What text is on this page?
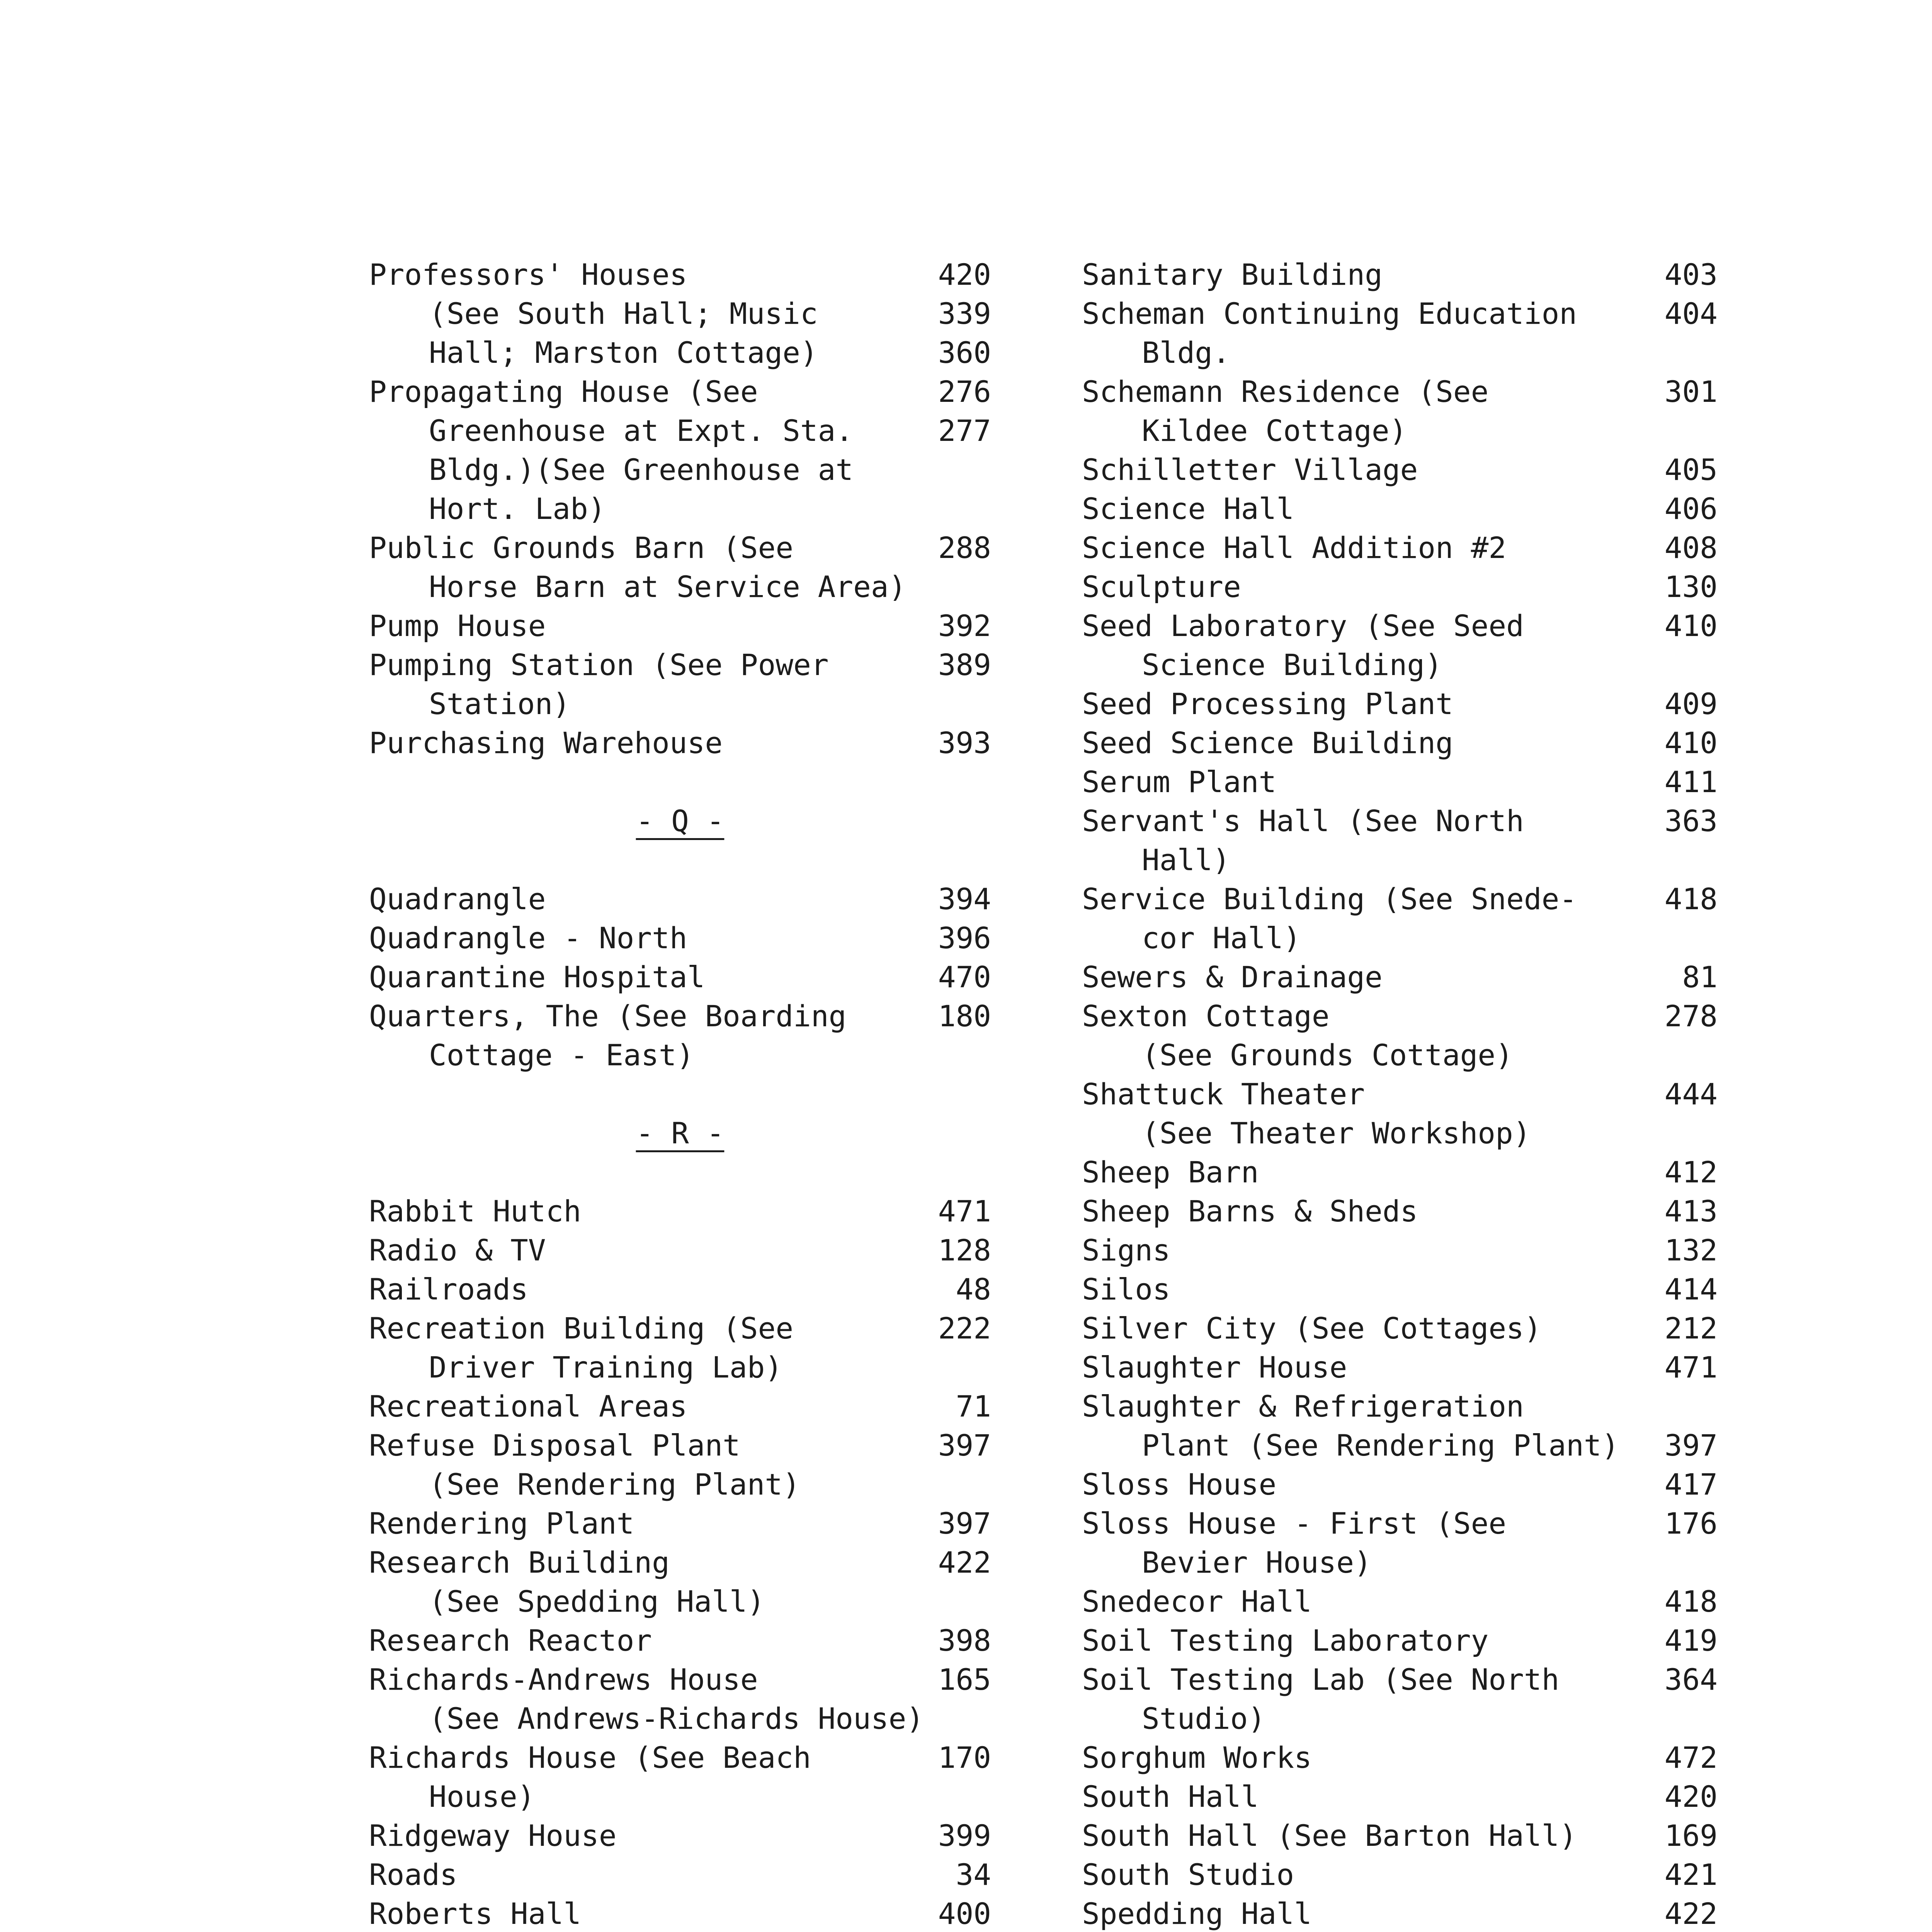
Professors' Houses	420
(See South Hall; Music	339
Hall; Marston Cottage)	360
Propagating House (See	276
Greenhouse at Expt. Sta.	277
Bldg.)(See Greenhouse at
Hort. Lab)
Public Grounds Barn (See	288
Horse Barn at Service Area)
Pump House	392
Pumping Station (See Power	389
Station)
Purchasing Warehouse	393
- Q -
Quadrangle	394
Quadrangle - North	396
Quarantine Hospital	470
Quarters, The (See Boarding	180
Cottage - East)
- R -
Rabbit Hutch	471
Radio & TV	128
Railroads	48
Recreation Building (See	222
Driver Training Lab)
Recreational Areas	71
Refuse Disposal Plant	397
(See Rendering Plant)
Rendering Plant	397
Research Building	422
(See Spedding Hall)
Research Reactor	398
Richards-Andrews House	165
(See Andrews-Richards House)
Richards House (See Beach	170
House)
Ridgeway House	399
Roads	34
Roberts Hall	400
Sanitary Building	403
Scheman Continuing Education	404
Bldg.
Schemann Residence (See	301
Kildee Cottage)
Schilletter Village	405
Science Hall	406
Science Hall Addition #2	408
Sculpture	130
Seed Laboratory (See Seed	410
Science Building)
Seed Processing Plant	409
Seed Science Building	410
Serum Plant	411
Servant's Hall (See North	363
Hall)
Service Building (See Snede-	418
cor Hall)
Sewers & Drainage	81
Sexton Cottage	278
(See Grounds Cottage)
Shattuck Theater	444
(See Theater Workshop)
Sheep Barn	412
Sheep Barns & Sheds	413
Signs	132
Silos	414
Silver City (See Cottages)	212
Slaughter House	471
Slaughter & Refrigeration
Plant (See Rendering Plant) 397
Sloss House	417
Sloss House - First (See	176
Bevier House)
Snedecor Hall	418
Soil Testing Laboratory	419
Soil Testing Lab (See North	364
Studio)
Sorghum Works	472
South Hall	420
South Hall (See Barton Hall)	169
South Studio	421
Spedding Hall	422
